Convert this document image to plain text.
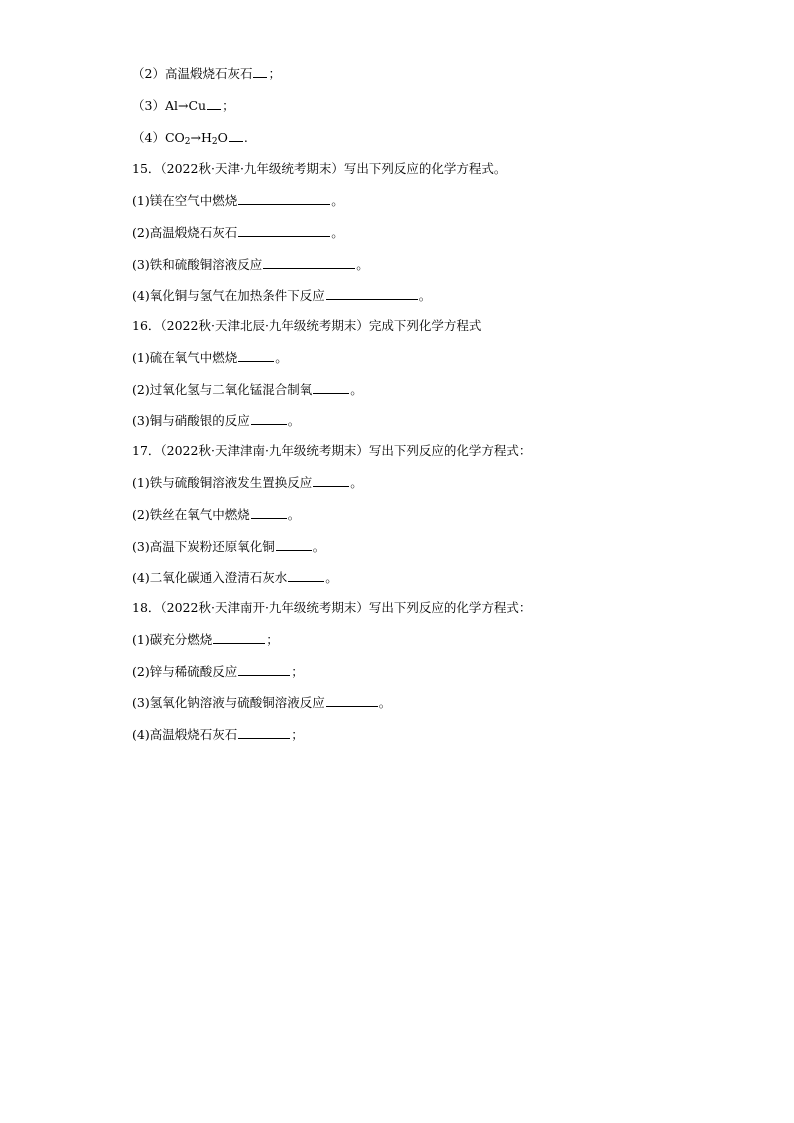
（2）高温煅烧石灰石 ；
（3）Al→Cu ；
$(4)CO_2\to H_2O$ .
15．（2022秋·天津·九年级统考期末）写出下列反应的化学方程式。
(1)镁在空气中燃烧	。
(2)高温煅烧石灰石	。
(3)铁和硫酸铜溶液反应	。
(4)氧化铜与氢气在加热条件下反应	。
16．（2022秋·天津北辰·九年级统考期末）完成下列化学方程式
(1)硫在氧气中燃烧	。
(2)过氧化氢与二氧化锰混合制氧	。
(3)铜与硝酸银的反应	。
17．（2022秋·天津津南·九年级统考期末）写出下列反应的化学方程式：
(1)铁与硫酸铜溶液发生置换反应	。
(2)铁丝在氧气中燃烧	。
(3)高温下炭粉还原氧化铜	。
(4)二氧化碳通入澄清石灰水	。
18．（2022秋·天津南开·九年级统考期末）写出下列反应的化学方程式：
(1)碳充分燃烧	；
(2)锌与稀硫酸反应	；
(3)氢氧化钠溶液与硫酸铜溶液反应	。
(4)高温煅烧石灰石	；
